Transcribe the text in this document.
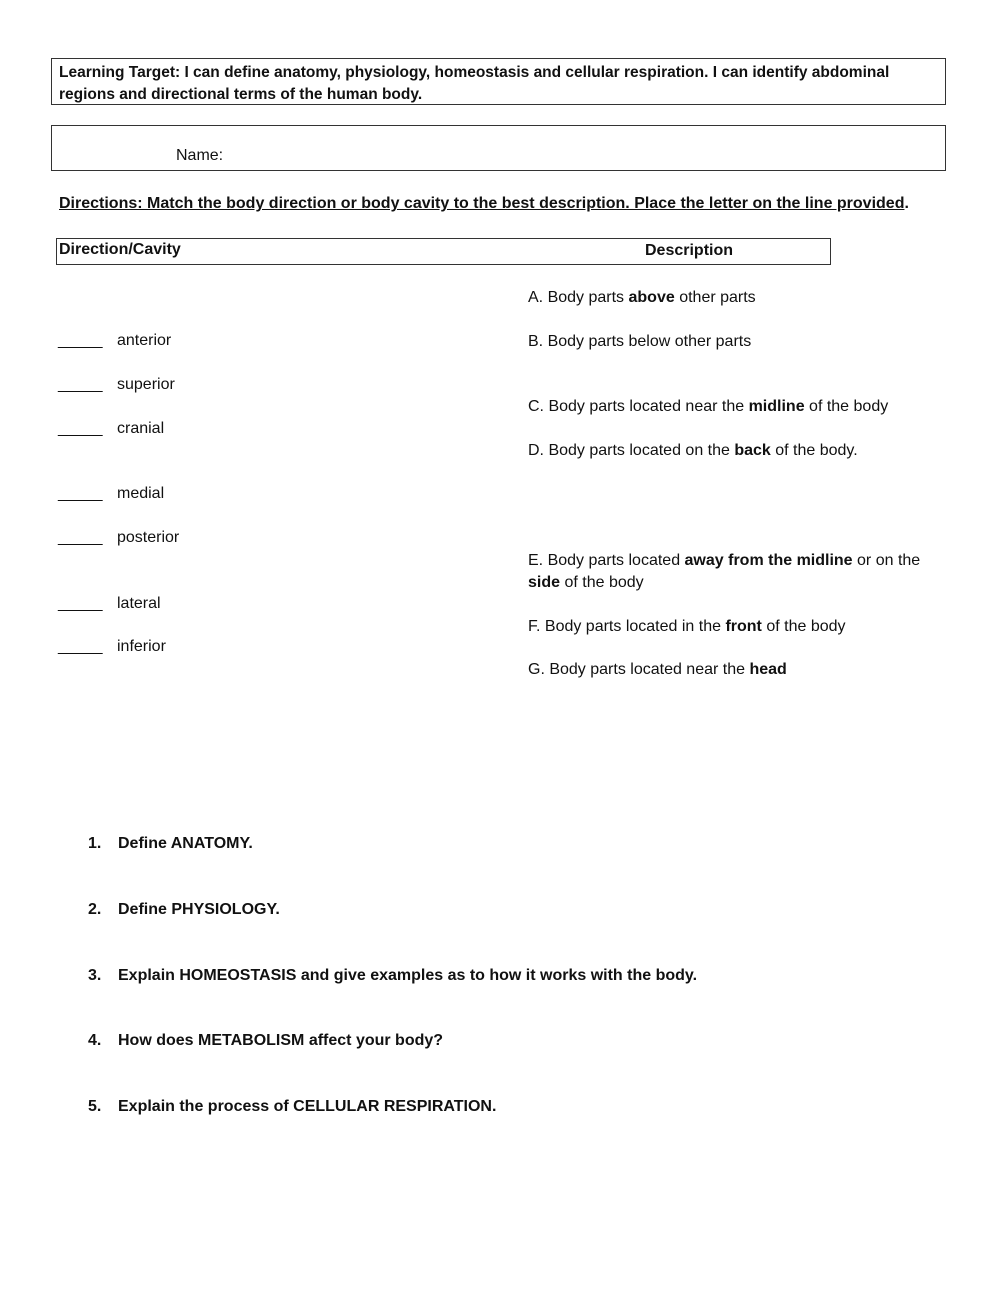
Learning Target: I can define anatomy, physiology, homeostasis and cellular respiration. I can identify abdominal
regions and directional terms of the human body.
Name:
Directions: Match the body direction or body cavity to the best description. Place the letter on the line provided.
Direction/Cavity	Description
_____ anterior
_____ superior
_____ cranial
_____ medial
_____ posterior
_____ lateral
_____ inferior
A. Body parts above other parts
B. Body parts below other parts
C. Body parts located near the midline of the body
D. Body parts located on the back of the body.
E. Body parts located away from the midline or on the
side of the body
F. Body parts located in the front of the body
G. Body parts located near the head
1. Define ANATOMY.
2. Define PHYSIOLOGY.
3. Explain HOMEOSTASIS and give examples as to how it works with the body.
4. How does METABOLISM affect your body?
5. Explain the process of CELLULAR RESPIRATION.
